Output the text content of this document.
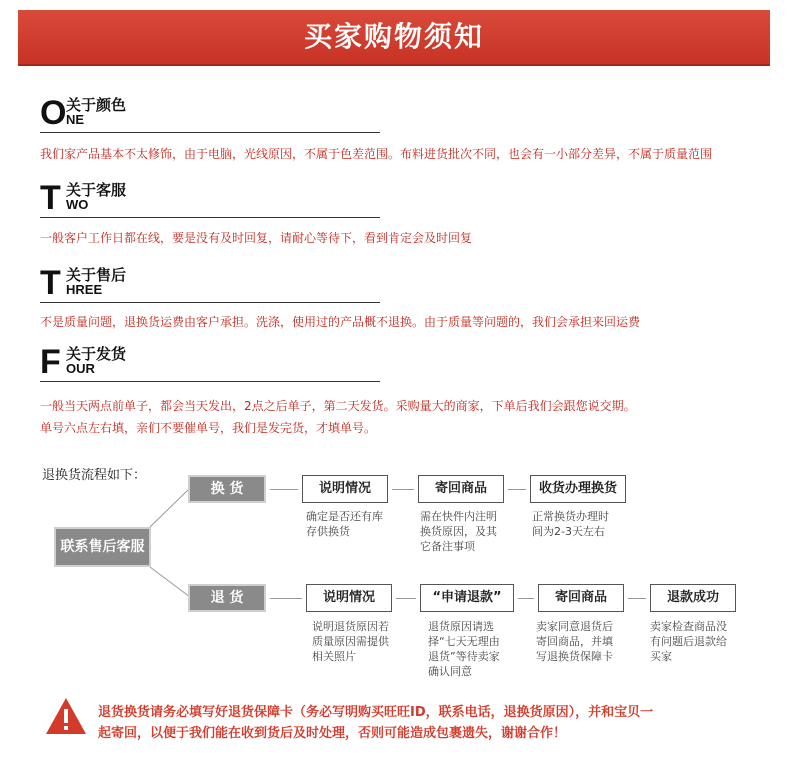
买家购物须知
O 关于颜色
NE
我们家产品基本不太修饰，由于电脑，光线原因，不属于色差范围。布料进货批次不同，也会有一小部分差异，不属于质量范围
T 关于客服
WO
一般客户工作日都在线，要是没有及时回复，请耐心等待下，看到肯定会及时回复
T 关于售后
HREE
不是质量问题，退换货运费由客户承担。洗涤，使用过的产品概不退换。由于质量等问题的，我们会承担来回运费
F 关于发货
OUR
一般当天两点前单子，都会当天发出，2点之后单子，第二天发货。采购量大的商家，下单后我们会跟您说交期。
单号六点左右填，亲们不要催单号，我们是发完货，才填单号。
退换货流程如下：
联系售后客服
换 货	说明情况	寄回商品	收货办理换货
确定是否还有库
存供换货
需在快件内注明
换货原因，及其
它备注事项
正常换货办理时
间为2-3天左右
退 货	说明情况	“申请退款”	寄回商品	退款成功
说明退货原因若
质量原因需提供
相关照片
退货原因请选
择“七天无理由
退货”等待卖家
确认同意
卖家同意退货后
寄回商品，并填
写退换货保障卡
卖家检查商品没
有问题后退款给
买家
退货换货请务必填写好退货保障卡（务必写明购买旺旺ID，联系电话，退换货原因），并和宝贝一
起寄回，以便于我们能在收到货后及时处理，否则可能造成包裹遗失，谢谢合作！
